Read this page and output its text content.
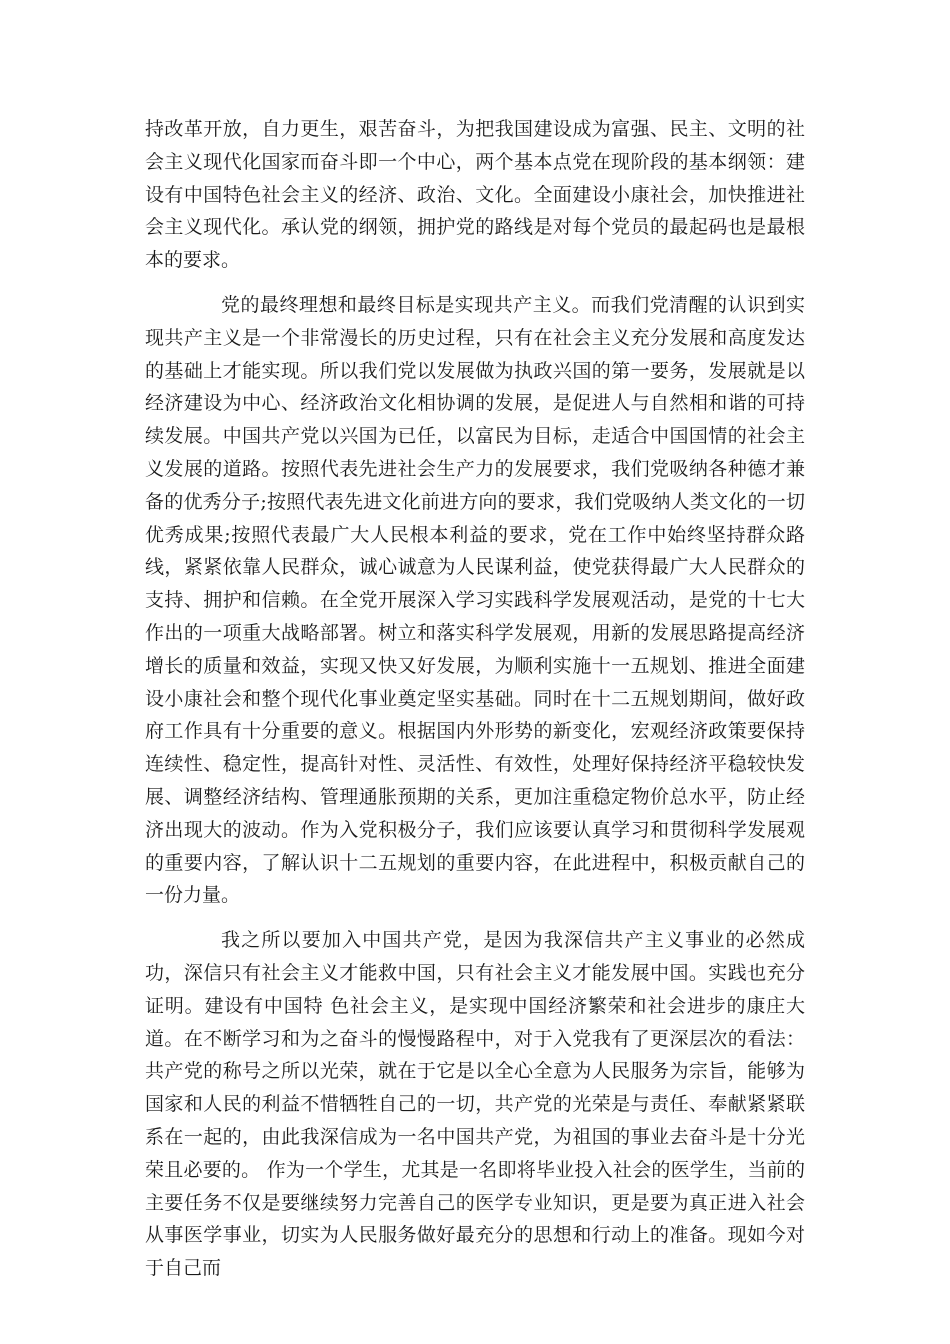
持改革开放，自力更生，艰苦奋斗，为把我国建设成为富强、民主、文明的社会主义现代化国家而奋斗即一个中心，两个基本点党在现阶段的基本纲领：建设有中国特色社会主义的经济、政治、文化。全面建设小康社会，加快推进社会主义现代化。承认党的纲领，拥护党的路线是对每个党员的最起码也是最根本的要求。

党的最终理想和最终目标是实现共产主义。而我们党清醒的认识到实现共产主义是一个非常漫长的历史过程，只有在社会主义充分发展和高度发达的基础上才能实现。所以我们党以发展做为执政兴国的第一要务，发展就是以经济建设为中心、经济政治文化相协调的发展，是促进人与自然相和谐的可持续发展。中国共产党以兴国为已任，以富民为目标，走适合中国国情的社会主义发展的道路。按照代表先进社会生产力的发展要求，我们党吸纳各种德才兼备的优秀分子;按照代表先进文化前进方向的要求，我们党吸纳人类文化的一切优秀成果;按照代表最广大人民根本利益的要求，党在工作中始终坚持群众路线，紧紧依靠人民群众，诚心诚意为人民谋利益，使党获得最广大人民群众的支持、拥护和信赖。在全党开展深入学习实践科学发展观活动，是党的十七大作出的一项重大战略部署。树立和落实科学发展观，用新的发展思路提高经济增长的质量和效益，实现又快又好发展，为顺利实施十一五规划、推进全面建设小康社会和整个现代化事业奠定坚实基础。同时在十二五规划期间，做好政府工作具有十分重要的意义。根据国内外形势的新变化，宏观经济政策要保持连续性、稳定性，提高针对性、灵活性、有效性，处理好保持经济平稳较快发展、调整经济结构、管理通胀预期的关系，更加注重稳定物价总水平，防止经济出现大的波动。作为入党积极分子，我们应该要认真学习和贯彻科学发展观的重要内容，了解认识十二五规划的重要内容，在此进程中，积极贡献自己的一份力量。

我之所以要加入中国共产党，是因为我深信共产主义事业的必然成功，深信只有社会主义才能救中国，只有社会主义才能发展中国。实践也充分证明。建设有中国特 色社会主义，是实现中国经济繁荣和社会进步的康庄大道。在不断学习和为之奋斗的慢慢路程中，对于入党我有了更深层次的看法：共产党的称号之所以光荣，就在于它是以全心全意为人民服务为宗旨，能够为国家和人民的利益不惜牺牲自己的一切，共产党的光荣是与责任、奉献紧紧联系在一起的，由此我深信成为一名中国共产党，为祖国的事业去奋斗是十分光荣且必要的。 作为一个学生，尤其是一名即将毕业投入社会的医学生，当前的主要任务不仅是要继续努力完善自己的医学专业知识，更是要为真正进入社会从事医学事业，切实为人民服务做好最充分的思想和行动上的准备。现如今对于自己而
